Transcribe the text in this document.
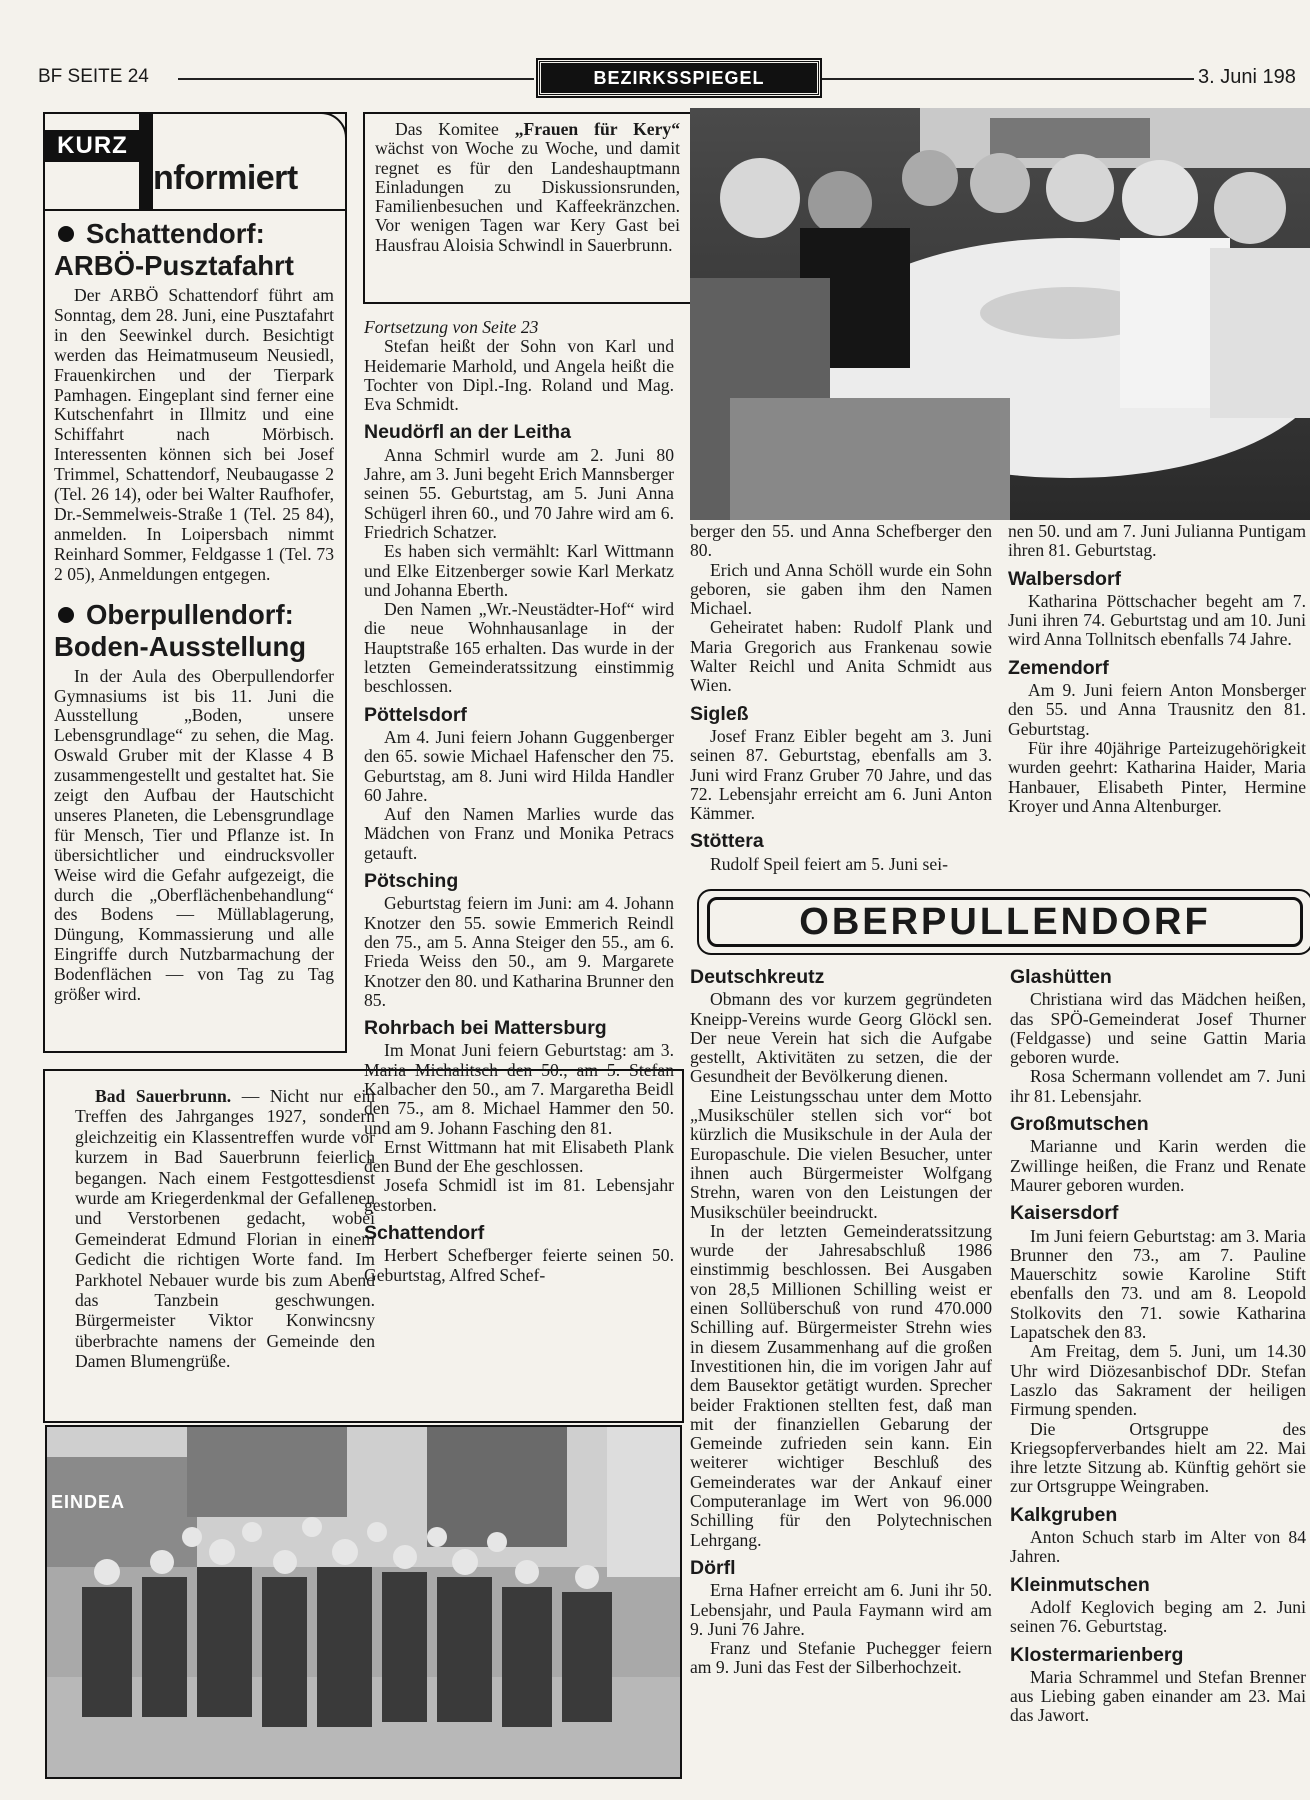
BF SEITE 24	BEZIRKSSPIEGEL	3. Juni 198
KURZ
nformiert
Schattendorf:
ARBÖ-Pusztafahrt

Der ARBÖ Schattendorf führt am Sonntag, dem 28. Juni, eine Pusztafahrt in den Seewinkel durch. Besichtigt werden das Heimatmuseum Neusiedl, Frauenkirchen und der Tierpark Pamhagen. Eingeplant sind ferner eine Kutschenfahrt in Illmitz und eine Schiffahrt nach Mörbisch. Interessenten können sich bei Josef Trimmel, Schattendorf, Neubaugasse 2 (Tel. 26 14), oder bei Walter Raufhofer, Dr.-Semmelweis-Straße 1 (Tel. 25 84), anmelden. In Loipersbach nimmt Reinhard Sommer, Feldgasse 1 (Tel. 73 2 05), Anmeldungen entgegen.

Oberpullendorf:
Boden-Ausstellung

In der Aula des Oberpullendorfer Gymnasiums ist bis 11. Juni die Ausstellung „Boden, unsere Lebensgrundlage“ zu sehen, die Mag. Oswald Gruber mit der Klasse 4 B zusammengestellt und gestaltet hat. Sie zeigt den Aufbau der Hautschicht unseres Planeten, die Lebensgrundlage für Mensch, Tier und Pflanze ist. In übersichtlicher und eindrucksvoller Weise wird die Gefahr aufgezeigt, die durch die „Oberflächenbehandlung“ des Bodens — Müllablagerung, Düngung, Kommassierung und alle Eingriffe durch Nutzbarmachung der Bodenflächen — von Tag zu Tag größer wird.

Das Komitee „Frauen für Kery“ wächst von Woche zu Woche, und damit regnet es für den Landeshauptmann Einladungen zu Diskussionsrunden, Familienbesuchen und Kaffeekränzchen. Vor wenigen Tagen war Kery Gast bei Hausfrau Aloisia Schwindl in Sauerbrunn.

Bad Sauerbrunn. — Nicht nur ein Treffen des Jahrganges 1927, sondern gleichzeitig ein Klassentreffen wurde vor kurzem in Bad Sauerbrunn feierlich begangen. Nach einem Festgottesdienst wurde am Kriegerdenkmal der Gefallenen und Verstorbenen gedacht, wobei Gemeinderat Edmund Florian in einem Gedicht die richtigen Worte fand. Im Parkhotel Nebauer wurde bis zum Abend das Tanzbein geschwungen. Bürgermeister Viktor Konwincsny überbrachte namens der Gemeinde den Damen Blumengrüße.

EINDEA

Fortsetzung von Seite 23

Stefan heißt der Sohn von Karl und Heidemarie Marhold, und Angela heißt die Tochter von Dipl.-Ing. Roland und Mag. Eva Schmidt.

Neudörfl an der Leitha

Anna Schmirl wurde am 2. Juni 80 Jahre, am 3. Juni begeht Erich Mannsberger seinen 55. Geburtstag, am 5. Juni Anna Schügerl ihren 60., und 70 Jahre wird am 6. Friedrich Schatzer.

Es haben sich vermählt: Karl Wittmann und Elke Eitzenberger sowie Karl Merkatz und Johanna Eberth.

Den Namen „Wr.-Neustädter-Hof“ wird die neue Wohnhausanlage in der Hauptstraße 165 erhalten. Das wurde in der letzten Gemeinderatssitzung einstimmig beschlossen.

Pöttelsdorf

Am 4. Juni feiern Johann Guggenberger den 65. sowie Michael Hafenscher den 75. Geburtstag, am 8. Juni wird Hilda Handler 60 Jahre.

Auf den Namen Marlies wurde das Mädchen von Franz und Monika Petracs getauft.

Pötsching

Geburtstag feiern im Juni: am 4. Johann Knotzer den 55. sowie Emmerich Reindl den 75., am 5. Anna Steiger den 55., am 6. Frieda Weiss den 50., am 9. Margarete Knotzer den 80. und Katharina Brunner den 85.

Rohrbach bei Mattersburg

Im Monat Juni feiern Geburtstag: am 3. Maria Michalitsch den 50., am 5. Stefan Kalbacher den 50., am 7. Margaretha Beidl den 75., am 8. Michael Hammer den 50. und am 9. Johann Fasching den 81.

Ernst Wittmann hat mit Elisabeth Plank den Bund der Ehe geschlossen.

Josefa Schmidl ist im 81. Lebensjahr gestorben.

Schattendorf

Herbert Schefberger feierte seinen 50. Geburtstag, Alfred Schef-

berger den 55. und Anna Schefberger den 80.

Erich und Anna Schöll wurde ein Sohn geboren, sie gaben ihm den Namen Michael.

Geheiratet haben: Rudolf Plank und Maria Gregorich aus Frankenau sowie Walter Reichl und Anita Schmidt aus Wien.

Sigleß

Josef Franz Eibler begeht am 3. Juni seinen 87. Geburtstag, ebenfalls am 3. Juni wird Franz Gruber 70 Jahre, und das 72. Lebensjahr erreicht am 6. Juni Anton Kämmer.

Stöttera

Rudolf Speil feiert am 5. Juni sei-

nen 50. und am 7. Juni Julianna Puntigam ihren 81. Geburtstag.

Walbersdorf

Katharina Pöttschacher begeht am 7. Juni ihren 74. Geburtstag und am 10. Juni wird Anna Tollnitsch ebenfalls 74 Jahre.

Zemendorf

Am 9. Juni feiern Anton Monsberger den 55. und Anna Trausnitz den 81. Geburtstag.

Für ihre 40jährige Parteizugehörigkeit wurden geehrt: Katharina Haider, Maria Hanbauer, Elisabeth Pinter, Hermine Kroyer und Anna Altenburger.

OBERPULLENDORF
Deutschkreutz

Obmann des vor kurzem gegründeten Kneipp-Vereins wurde Georg Glöckl sen. Der neue Verein hat sich die Aufgabe gestellt, Aktivitäten zu setzen, die der Gesundheit der Bevölkerung dienen.

Eine Leistungsschau unter dem Motto „Musikschüler stellen sich vor“ bot kürzlich die Musikschule in der Aula der Europaschule. Die vielen Besucher, unter ihnen auch Bürgermeister Wolfgang Strehn, waren von den Leistungen der Musikschüler beeindruckt.

In der letzten Gemeinderatssitzung wurde der Jahresabschluß 1986 einstimmig beschlossen. Bei Ausgaben von 28,5 Millionen Schilling weist er einen Sollüberschuß von rund 470.000 Schilling auf. Bürgermeister Strehn wies in diesem Zusammenhang auf die großen Investitionen hin, die im vorigen Jahr auf dem Bausektor getätigt wurden. Sprecher beider Fraktionen stellten fest, daß man mit der finanziellen Gebarung der Gemeinde zufrieden sein kann. Ein weiterer wichtiger Beschluß des Gemeinderates war der Ankauf einer Computeranlage im Wert von 96.000 Schilling für den Polytechnischen Lehrgang.

Dörfl

Erna Hafner erreicht am 6. Juni ihr 50. Lebensjahr, und Paula Faymann wird am 9. Juni 76 Jahre.

Franz und Stefanie Puchegger feiern am 9. Juni das Fest der Silberhochzeit.

Glashütten

Christiana wird das Mädchen heißen, das SPÖ-Gemeinderat Josef Thurner (Feldgasse) und seine Gattin Maria geboren wurde.

Rosa Schermann vollendet am 7. Juni ihr 81. Lebensjahr.

Großmutschen

Marianne und Karin werden die Zwillinge heißen, die Franz und Renate Maurer geboren wurden.

Kaisersdorf

Im Juni feiern Geburtstag: am 3. Maria Brunner den 73., am 7. Pauline Mauerschitz sowie Karoline Stift ebenfalls den 73. und am 8. Leopold Stolkovits den 71. sowie Katharina Lapatschek den 83.

Am Freitag, dem 5. Juni, um 14.30 Uhr wird Diözesanbischof DDr. Stefan Laszlo das Sakrament der heiligen Firmung spenden.

Die Ortsgruppe des Kriegsopferverbandes hielt am 22. Mai ihre letzte Sitzung ab. Künftig gehört sie zur Ortsgruppe Weingraben.

Kalkgruben

Anton Schuch starb im Alter von 84 Jahren.

Kleinmutschen

Adolf Keglovich beging am 2. Juni seinen 76. Geburtstag.

Klostermarienberg

Maria Schrammel und Stefan Brenner aus Liebing gaben einander am 23. Mai das Jawort.
